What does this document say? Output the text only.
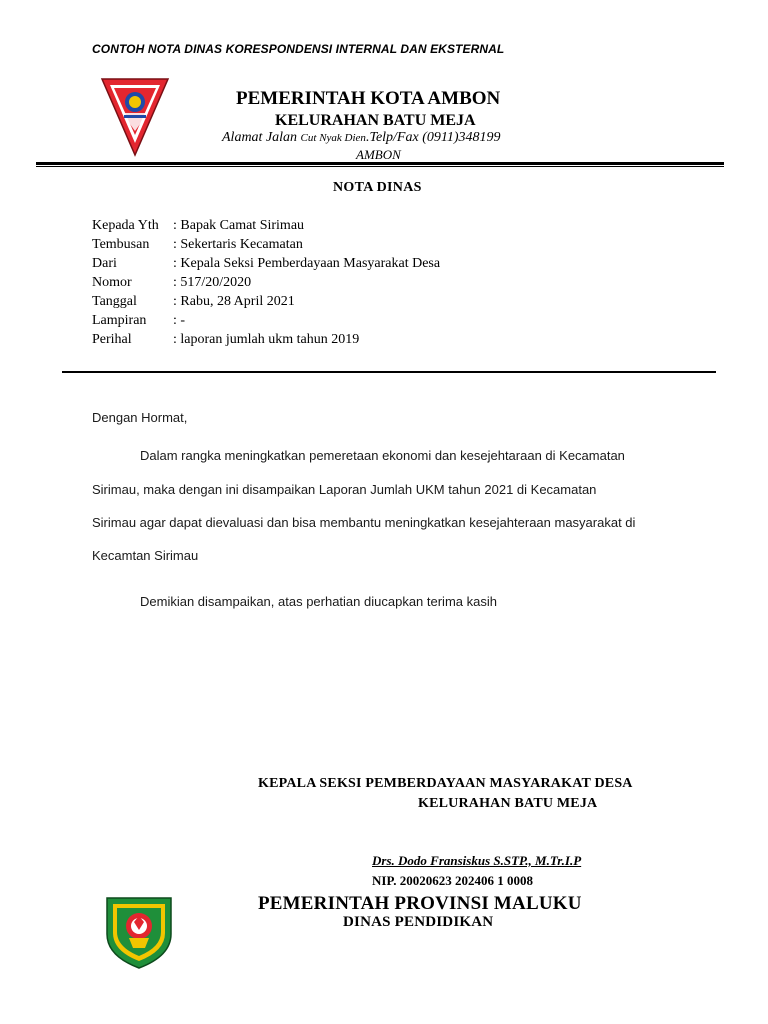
CONTOH NOTA DINAS KORESPONDENSI INTERNAL DAN EKSTERNAL
PEMERINTAH KOTA AMBON
KELURAHAN BATU MEJA
Alamat Jalan Cut Nyak Dien.Telp/Fax (0911)348199
AMBON
NOTA DINAS
Kepada Yth : Bapak Camat Sirimau
Tembusan : Sekertaris Kecamatan
Dari	: Kepala Seksi Pemberdayaan Masyarakat Desa
Nomor	: 517/20/2020
Tanggal	: Rabu, 28 April 2021
Lampiran : -
Perihal	: laporan jumlah ukm tahun 2019
Dengan Hormat,
Dalam rangka meningkatkan pemeretaan ekonomi dan kesejehtaraan di Kecamatan
Sirimau, maka dengan ini disampaikan Laporan Jumlah UKM tahun 2021 di Kecamatan
Sirimau agar dapat dievaluasi dan bisa membantu meningkatkan kesejahteraan masyarakat di
Kecamtan Sirimau
Demikian disampaikan, atas perhatian diucapkan terima kasih
KEPALA SEKSI PEMBERDAYAAN MASYARAKAT DESA
KELURAHAN BATU MEJA
Drs. Dodo Fransiskus S.STP., M.Tr.I.P
NIP. 20020623 202406 1 0008
PEMERINTAH PROVINSI MALUKU
DINAS PENDIDIKAN
